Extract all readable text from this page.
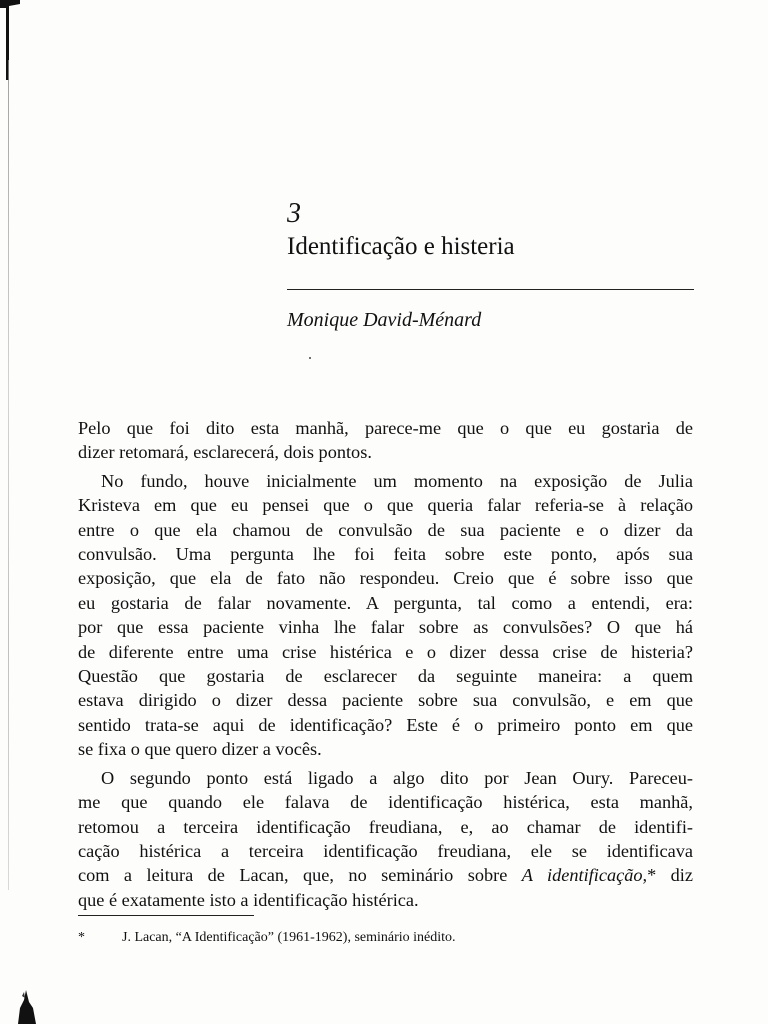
3
Identificação e histeria
Monique David-Ménard

Pelo que foi dito esta manhã, parece-me que o que eu gostaria de
dizer retomará, esclarecerá, dois pontos.

No fundo, houve inicialmente um momento na exposição de Julia
Kristeva em que eu pensei que o que queria falar referia-se à relação
entre o que ela chamou de convulsão de sua paciente e o dizer da
convulsão. Uma pergunta lhe foi feita sobre este ponto, após sua
exposição, que ela de fato não respondeu. Creio que é sobre isso que
eu gostaria de falar novamente. A pergunta, tal como a entendi, era:
por que essa paciente vinha lhe falar sobre as convulsões? O que há
de diferente entre uma crise histérica e o dizer dessa crise de histeria?
Questão que gostaria de esclarecer da seguinte maneira: a quem
estava dirigido o dizer dessa paciente sobre sua convulsão, e em que
sentido trata-se aqui de identificação? Este é o primeiro ponto em que
se fixa o que quero dizer a vocês.

O segundo ponto está ligado a algo dito por Jean Oury. Pareceu-
me que quando ele falava de identificação histérica, esta manhã,
retomou a terceira identificação freudiana, e, ao chamar de identifi-
cação histérica a terceira identificação freudiana, ele se identificava
com a leitura de Lacan, que, no seminário sobre A identificação,* diz
que é exatamente isto a identificação histérica.

*	J. Lacan, “A Identificação” (1961-1962), seminário inédito.
